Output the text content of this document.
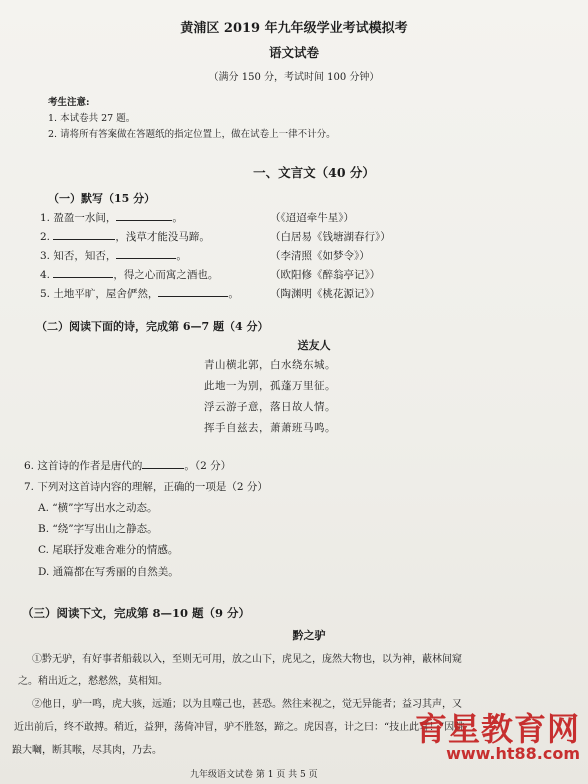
黄浦区 2019 年九年级学业考试模拟考
语文试卷
（满分 150 分，考试时间 100 分钟）
考生注意:
1. 本试卷共 27 题。
2. 请将所有答案做在答题纸的指定位置上，做在试卷上一律不计分。
一、文言文（40 分）
（一）默写（15 分）
1. 盈盈一水间，	。	（《迢迢牵牛星》）
2.	，浅草才能没马蹄。	（白居易《钱塘湖春行》）
3. 知否，知否，	。	（李清照《如梦令》）
4.	，得之心而寓之酒也。	（欧阳修《醉翁亭记》）
5. 土地平旷，屋舍俨然，	。	（陶渊明《桃花源记》）
（二）阅读下面的诗，完成第 6—7 题（4 分）
送友人
青山横北郭，白水绕东城。
此地一为别，孤蓬万里征。
浮云游子意，落日故人情。
挥手自兹去，萧萧班马鸣。
6. 这首诗的作者是唐代的	。（2 分）
7. 下列对这首诗内容的理解，正确的一项是（2 分）
A. “横”字写出水之动态。
B. “绕”字写出山之静态。
C. 尾联抒发难舍难分的情感。
D. 通篇都在写秀丽的自然美。
（三）阅读下文，完成第 8—10 题（9 分）
黔之驴
①黔无驴，有好事者船载以入，至则无可用，放之山下，虎见之，庞然大物也，以为神，蔽林间窥
之。稍出近之，慭慭然，莫相知。
②他日，驴一鸣，虎大骇，远遁；以为且噬己也，甚恐。然往来视之，觉无异能者；益习其声，又
近出前后，终不敢搏。稍近，益狎，荡倚冲冒，驴不胜怒，蹄之。虎因喜，计之曰：“技止此耳！”因跳
踉大㘎，断其喉，尽其肉，乃去。
九年级语文试卷 第 1 页 共 5 页
育星教育网
www.ht88.com
